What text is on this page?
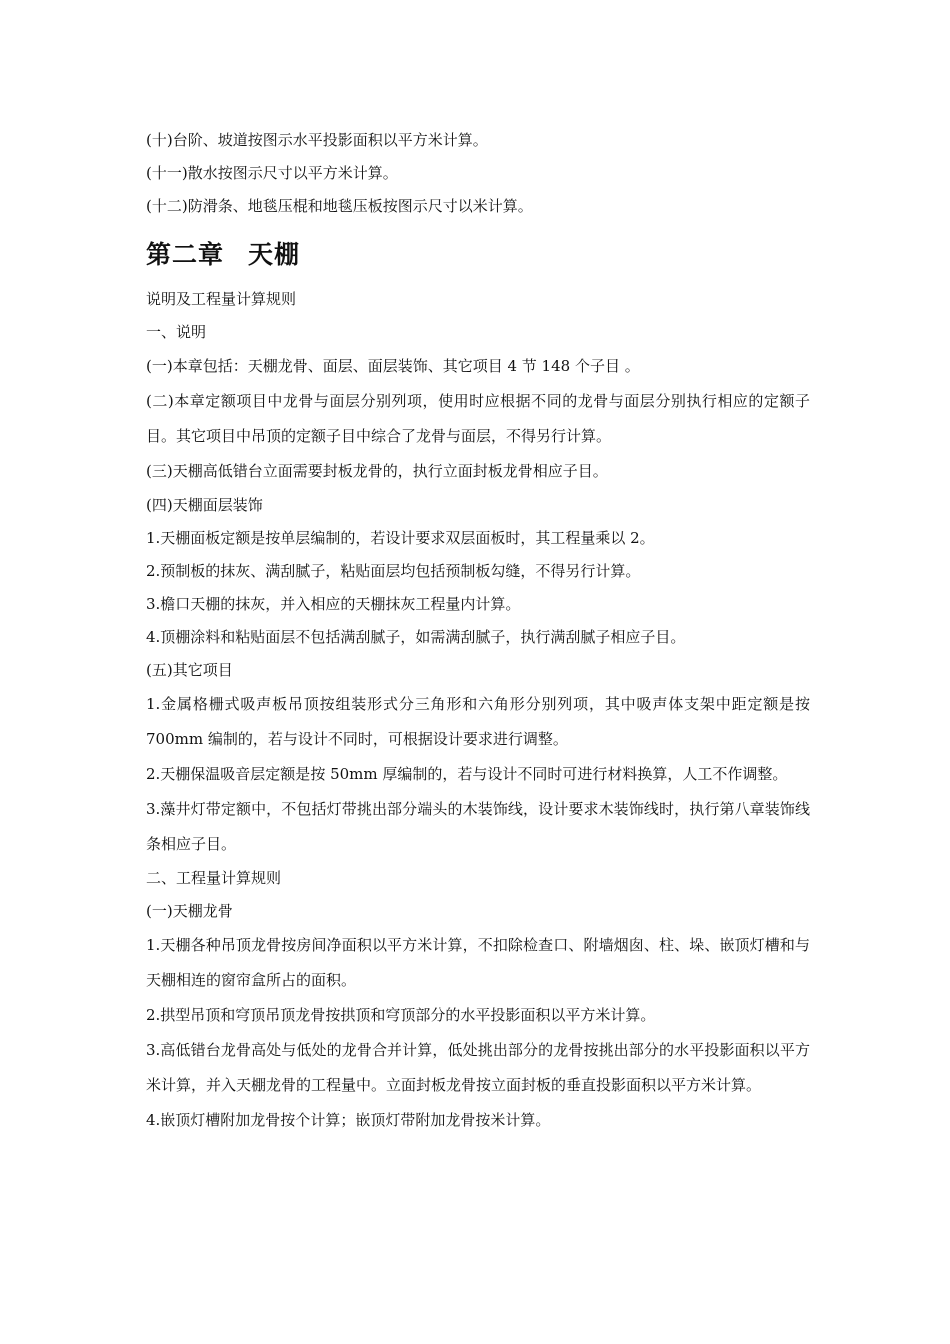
(十)台阶、坡道按图示水平投影面积以平方米计算。

(十一)散水按图示尺寸以平方米计算。

(十二)防滑条、地毯压棍和地毯压板按图示尺寸以米计算。

第二章 天棚

说明及工程量计算规则

一、说明

(一)本章包括：天棚龙骨、面层、面层装饰、其它项目 4 节 148 个子目 。

(二)本章定额项目中龙骨与面层分别列项，使用时应根据不同的龙骨与面层分别执行相应的定额子目。其它项目中吊顶的定额子目中综合了龙骨与面层，不得另行计算。

(三)天棚高低错台立面需要封板龙骨的，执行立面封板龙骨相应子目。

(四)天棚面层装饰

1.天棚面板定额是按单层编制的，若设计要求双层面板时，其工程量乘以 2。

2.预制板的抹灰、满刮腻子，粘贴面层均包括预制板勾缝，不得另行计算。

3.檐口天棚的抹灰，并入相应的天棚抹灰工程量内计算。

4.顶棚涂料和粘贴面层不包括满刮腻子，如需满刮腻子，执行满刮腻子相应子目。

(五)其它项目

1.金属格栅式吸声板吊顶按组装形式分三角形和六角形分别列项，其中吸声体支架中距定额是按 700mm 编制的，若与设计不同时，可根据设计要求进行调整。

2.天棚保温吸音层定额是按 50mm 厚编制的，若与设计不同时可进行材料换算，人工不作调整。

3.藻井灯带定额中，不包括灯带挑出部分端头的木装饰线，设计要求木装饰线时，执行第八章装饰线条相应子目。

二、工程量计算规则

(一)天棚龙骨

1.天棚各种吊顶龙骨按房间净面积以平方米计算，不扣除检查口、附墙烟囱、柱、垛、嵌顶灯槽和与天棚相连的窗帘盒所占的面积。

2.拱型吊顶和穹顶吊顶龙骨按拱顶和穹顶部分的水平投影面积以平方米计算。

3.高低错台龙骨高处与低处的龙骨合并计算，低处挑出部分的龙骨按挑出部分的水平投影面积以平方米计算，并入天棚龙骨的工程量中。立面封板龙骨按立面封板的垂直投影面积以平方米计算。

4.嵌顶灯槽附加龙骨按个计算；嵌顶灯带附加龙骨按米计算。
